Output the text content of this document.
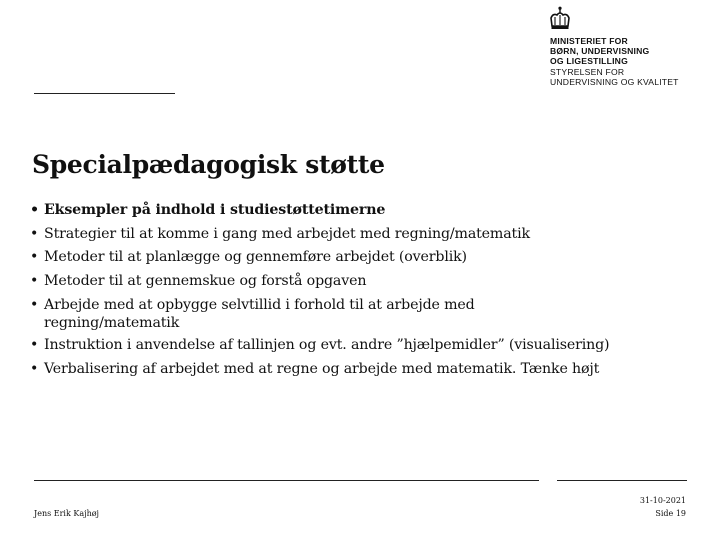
MINISTERIET FOR
BØRN, UNDERVISNING
OG LIGESTILLING
STYRELSEN FOR
UNDERVISNING OG KVALITET
Specialpædagogisk støtte
• Eksempler på indhold i studiestøttetimerne
• Strategier til at komme i gang med arbejdet med regning/matematik
• Metoder til at planlægge og gennemføre arbejdet (overblik)
• Metoder til at gennemskue og forstå opgaven
• Arbejde med at opbygge selvtillid i forhold til at arbejde med regning/matematik
• Instruktion i anvendelse af tallinjen og evt. andre ”hjælpemidler” (visualisering)
• Verbalisering af arbejdet med at regne og arbejde med matematik. Tænke højt
Jens Erik Kajhøj
31-10-2021
Side 19
